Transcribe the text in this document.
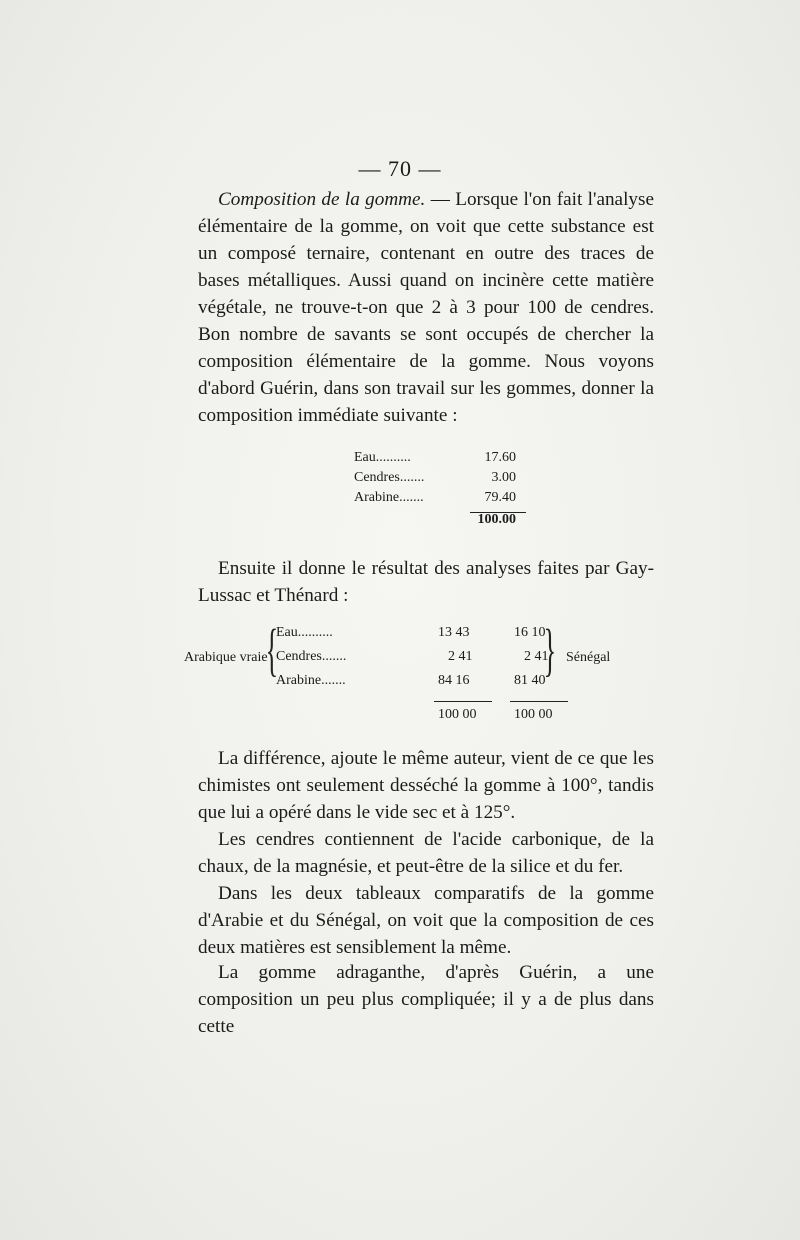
— 70 —

Composition de la gomme. — Lorsque l'on fait l'analyse élémentaire de la gomme, on voit que cette substance est un composé ternaire, contenant en outre des traces de bases métalliques. Aussi quand on incinère cette matière végétale, ne trouve-t-on que 2 à 3 pour 100 de cendres. Bon nombre de savants se sont occupés de chercher la composition élémentaire de la gomme. Nous voyons d'abord Guérin, dans son travail sur les gommes, donner la composition immédiate suivante :

Eau..........	17.60
Cendres.......	3.00
Arabine.......	79.40
100.00

Ensuite il donne le résultat des analyses faites par Gay-Lussac et Thénard :

Arabique vraie
{
Eau..........	13 43	16 10
Cendres.......	2 41	2 41
Arabine.......	84 16	81 40
} Sénégal
100 00	100 00

La différence, ajoute le même auteur, vient de ce que les chimistes ont seulement desséché la gomme à 100°, tandis que lui a opéré dans le vide sec et à 125°.

Les cendres contiennent de l'acide carbonique, de la chaux, de la magnésie, et peut-être de la silice et du fer.

Dans les deux tableaux comparatifs de la gomme d'Arabie et du Sénégal, on voit que la composition de ces deux matières est sensiblement la même.

La gomme adraganthe, d'après Guérin, a une composition un peu plus compliquée; il y a de plus dans cette
